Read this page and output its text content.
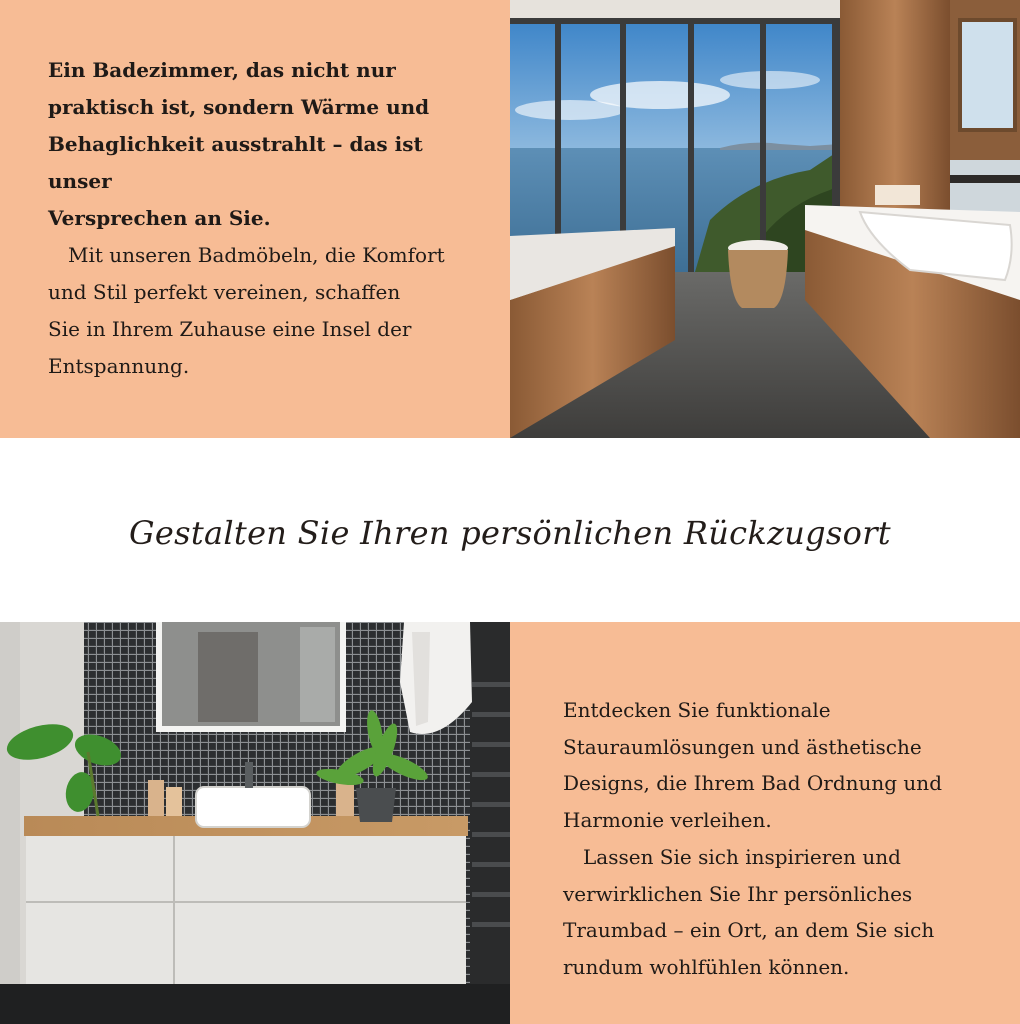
Ein Badezimmer, das nicht nur
praktisch ist, sondern Wärme und
Behaglichkeit ausstrahlt – das ist unser
Versprechen an Sie.
Mit unseren Badmöbeln, die Komfort
und Stil perfekt vereinen, schaffen
Sie in Ihrem Zuhause eine Insel der
Entspannung.
Gestalten Sie Ihren persönlichen Rückzugsort
Entdecken Sie funktionale
Stauraumlösungen und ästhetische
Designs, die Ihrem Bad Ordnung und
Harmonie verleihen.
Lassen Sie sich inspirieren und
verwirklichen Sie Ihr persönliches
Traumbad – ein Ort, an dem Sie sich
rundum wohlfühlen können.
